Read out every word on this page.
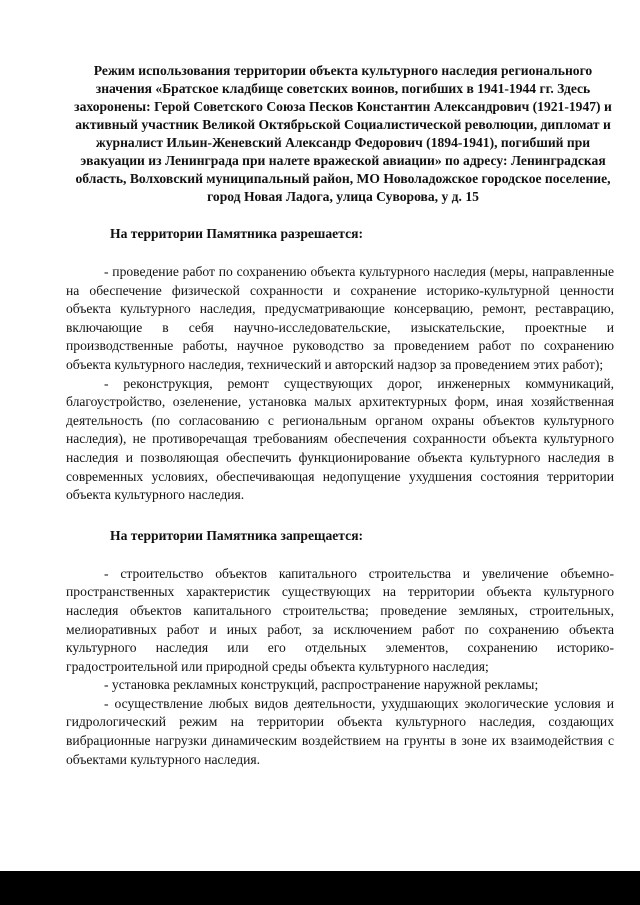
Режим использования территории объекта культурного наследия регионального значения «Братское кладбище советских воинов, погибших в 1941-1944 гг. Здесь захоронены: Герой Советского Союза Песков Константин Александрович (1921-1947) и активный участник Великой Октябрьской Социалистической революции, дипломат и журналист Ильин-Женевский Александр Федорович (1894-1941), погибший при эвакуации из Ленинграда при налете вражеской авиации» по адресу: Ленинградская область, Волховский муниципальный район, МО Новоладожское городское поселение, город Новая Ладога, улица Суворова, у д. 15

На территории Памятника разрешается:

- проведение работ по сохранению объекта культурного наследия (меры, направленные на обеспечение физической сохранности и сохранение историко-культурной ценности объекта культурного наследия, предусматривающие консервацию, ремонт, реставрацию, включающие в себя научно-исследовательские, изыскательские, проектные и производственные работы, научное руководство за проведением работ по сохранению объекта культурного наследия, технический и авторский надзор за проведением этих работ);

- реконструкция, ремонт существующих дорог, инженерных коммуникаций, благоустройство, озеленение, установка малых архитектурных форм, иная хозяйственная деятельность (по согласованию с региональным органом охраны объектов культурного наследия), не противоречащая требованиям обеспечения сохранности объекта культурного наследия и позволяющая обеспечить функционирование объекта культурного наследия в современных условиях, обеспечивающая недопущение ухудшения состояния территории объекта культурного наследия.

На территории Памятника запрещается:

- строительство объектов капитального строительства и увеличение объемно-пространственных характеристик существующих на территории объекта культурного наследия объектов капитального строительства; проведение земляных, строительных, мелиоративных работ и иных работ, за исключением работ по сохранению объекта культурного наследия или его отдельных элементов, сохранению историко-градостроительной или природной среды объекта культурного наследия;

- установка рекламных конструкций, распространение наружной рекламы;

- осуществление любых видов деятельности, ухудшающих экологические условия и гидрологический режим на территории объекта культурного наследия, создающих вибрационные нагрузки динамическим воздействием на грунты в зоне их взаимодействия с объектами культурного наследия.
